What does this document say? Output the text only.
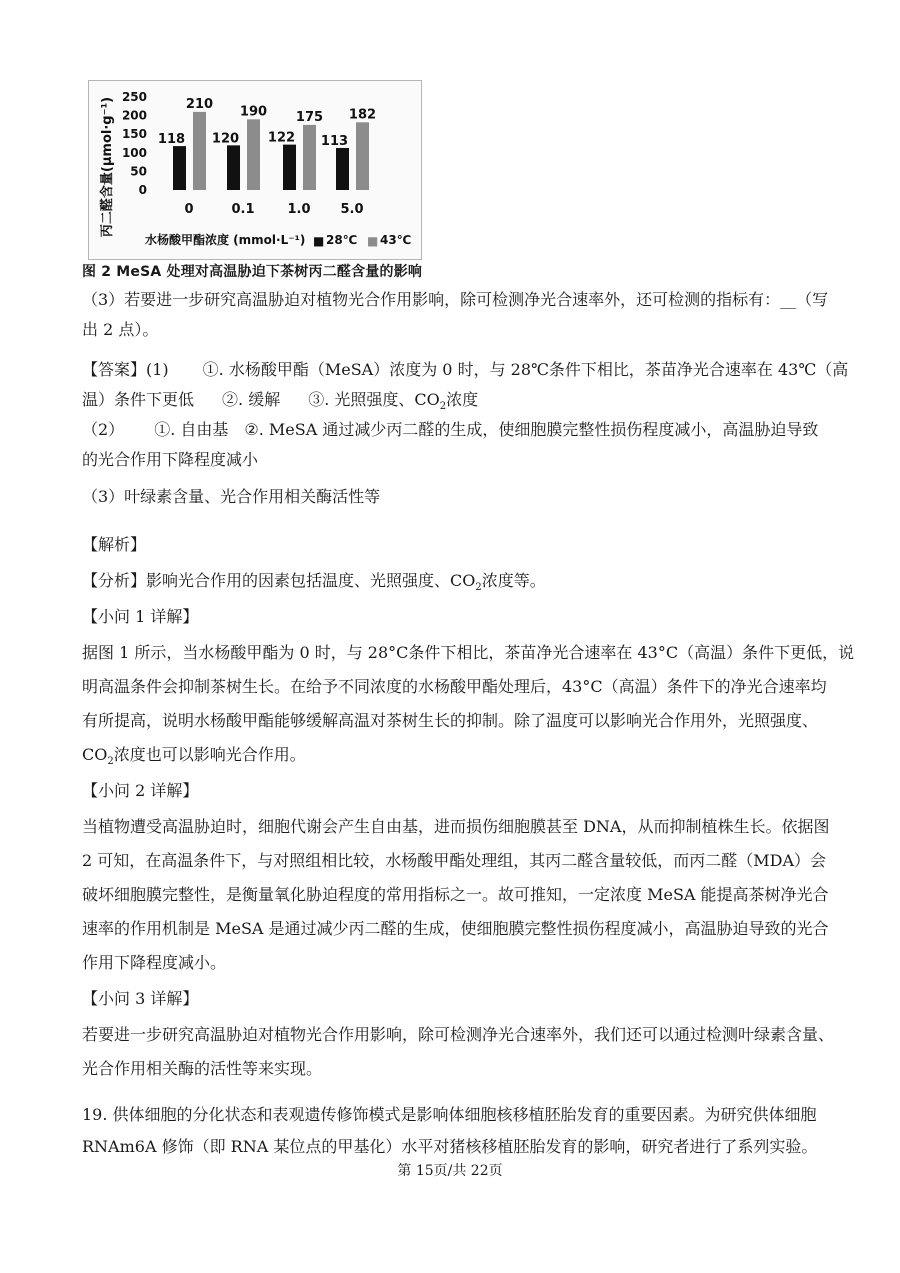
丙二醛含量(μmol·g⁻¹) 0
50
100
150
200
250
118
210
120
190
122
175
113
182
0	0.1	1.0 5.0
水杨酸甲酯浓度 (mmol·L⁻¹) ■ 28℃ ■ 43℃
图 2 MeSA 处理对高温胁迫下茶树丙二醛含量的影响
（3）若要进一步研究高温胁迫对植物光合作用影响，除可检测净光合速率外，还可检测的指标有：__（写
出 2 点）。
【答案】(1) ①. 水杨酸甲酯（MeSA）浓度为 0 时，与 28℃条件下相比，茶苗净光合速率在 43℃（高
温）条件下更低 ②. 缓解 ③. 光照强度、$CO_2$浓度
（2） ①. 自由基 ②. MeSA 通过减少丙二醛的生成，使细胞膜完整性损伤程度减小，高温胁迫导致
的光合作用下降程度减小
（3）叶绿素含量、光合作用相关酶活性等
【解析】
【分析】影响光合作用的因素包括温度、光照强度、$CO_2$浓度等。
【小问 1 详解】
据图 1 所示，当水杨酸甲酯为 0 时，与 28°C条件下相比，茶苗净光合速率在 43°C（高温）条件下更低，说
明高温条件会抑制茶树生长。在给予不同浓度的水杨酸甲酯处理后，43°C（高温）条件下的净光合速率均
有所提高，说明水杨酸甲酯能够缓解高温对茶树生长的抑制。除了温度可以影响光合作用外，光照强度、
$CO_2$浓度也可以影响光合作用。
【小问 2 详解】
当植物遭受高温胁迫时，细胞代谢会产生自由基，进而损伤细胞膜甚至 DNA，从而抑制植株生长。依据图
2 可知，在高温条件下，与对照组相比较，水杨酸甲酯处理组，其丙二醛含量较低，而丙二醛（MDA）会
破坏细胞膜完整性，是衡量氧化胁迫程度的常用指标之一。故可推知，一定浓度 MeSA 能提高茶树净光合
速率的作用机制是 MeSA 是通过减少丙二醛的生成，使细胞膜完整性损伤程度减小，高温胁迫导致的光合
作用下降程度减小。
【小问 3 详解】
若要进一步研究高温胁迫对植物光合作用影响，除可检测净光合速率外，我们还可以通过检测叶绿素含量、
光合作用相关酶的活性等来实现。
19. 供体细胞的分化状态和表观遗传修饰模式是影响体细胞核移植胚胎发育的重要因素。为研究供体细胞
RNAm6A 修饰（即 RNA 某位点的甲基化）水平对猪核移植胚胎发育的影响，研究者进行了系列实验。
第 15页/共 22页
